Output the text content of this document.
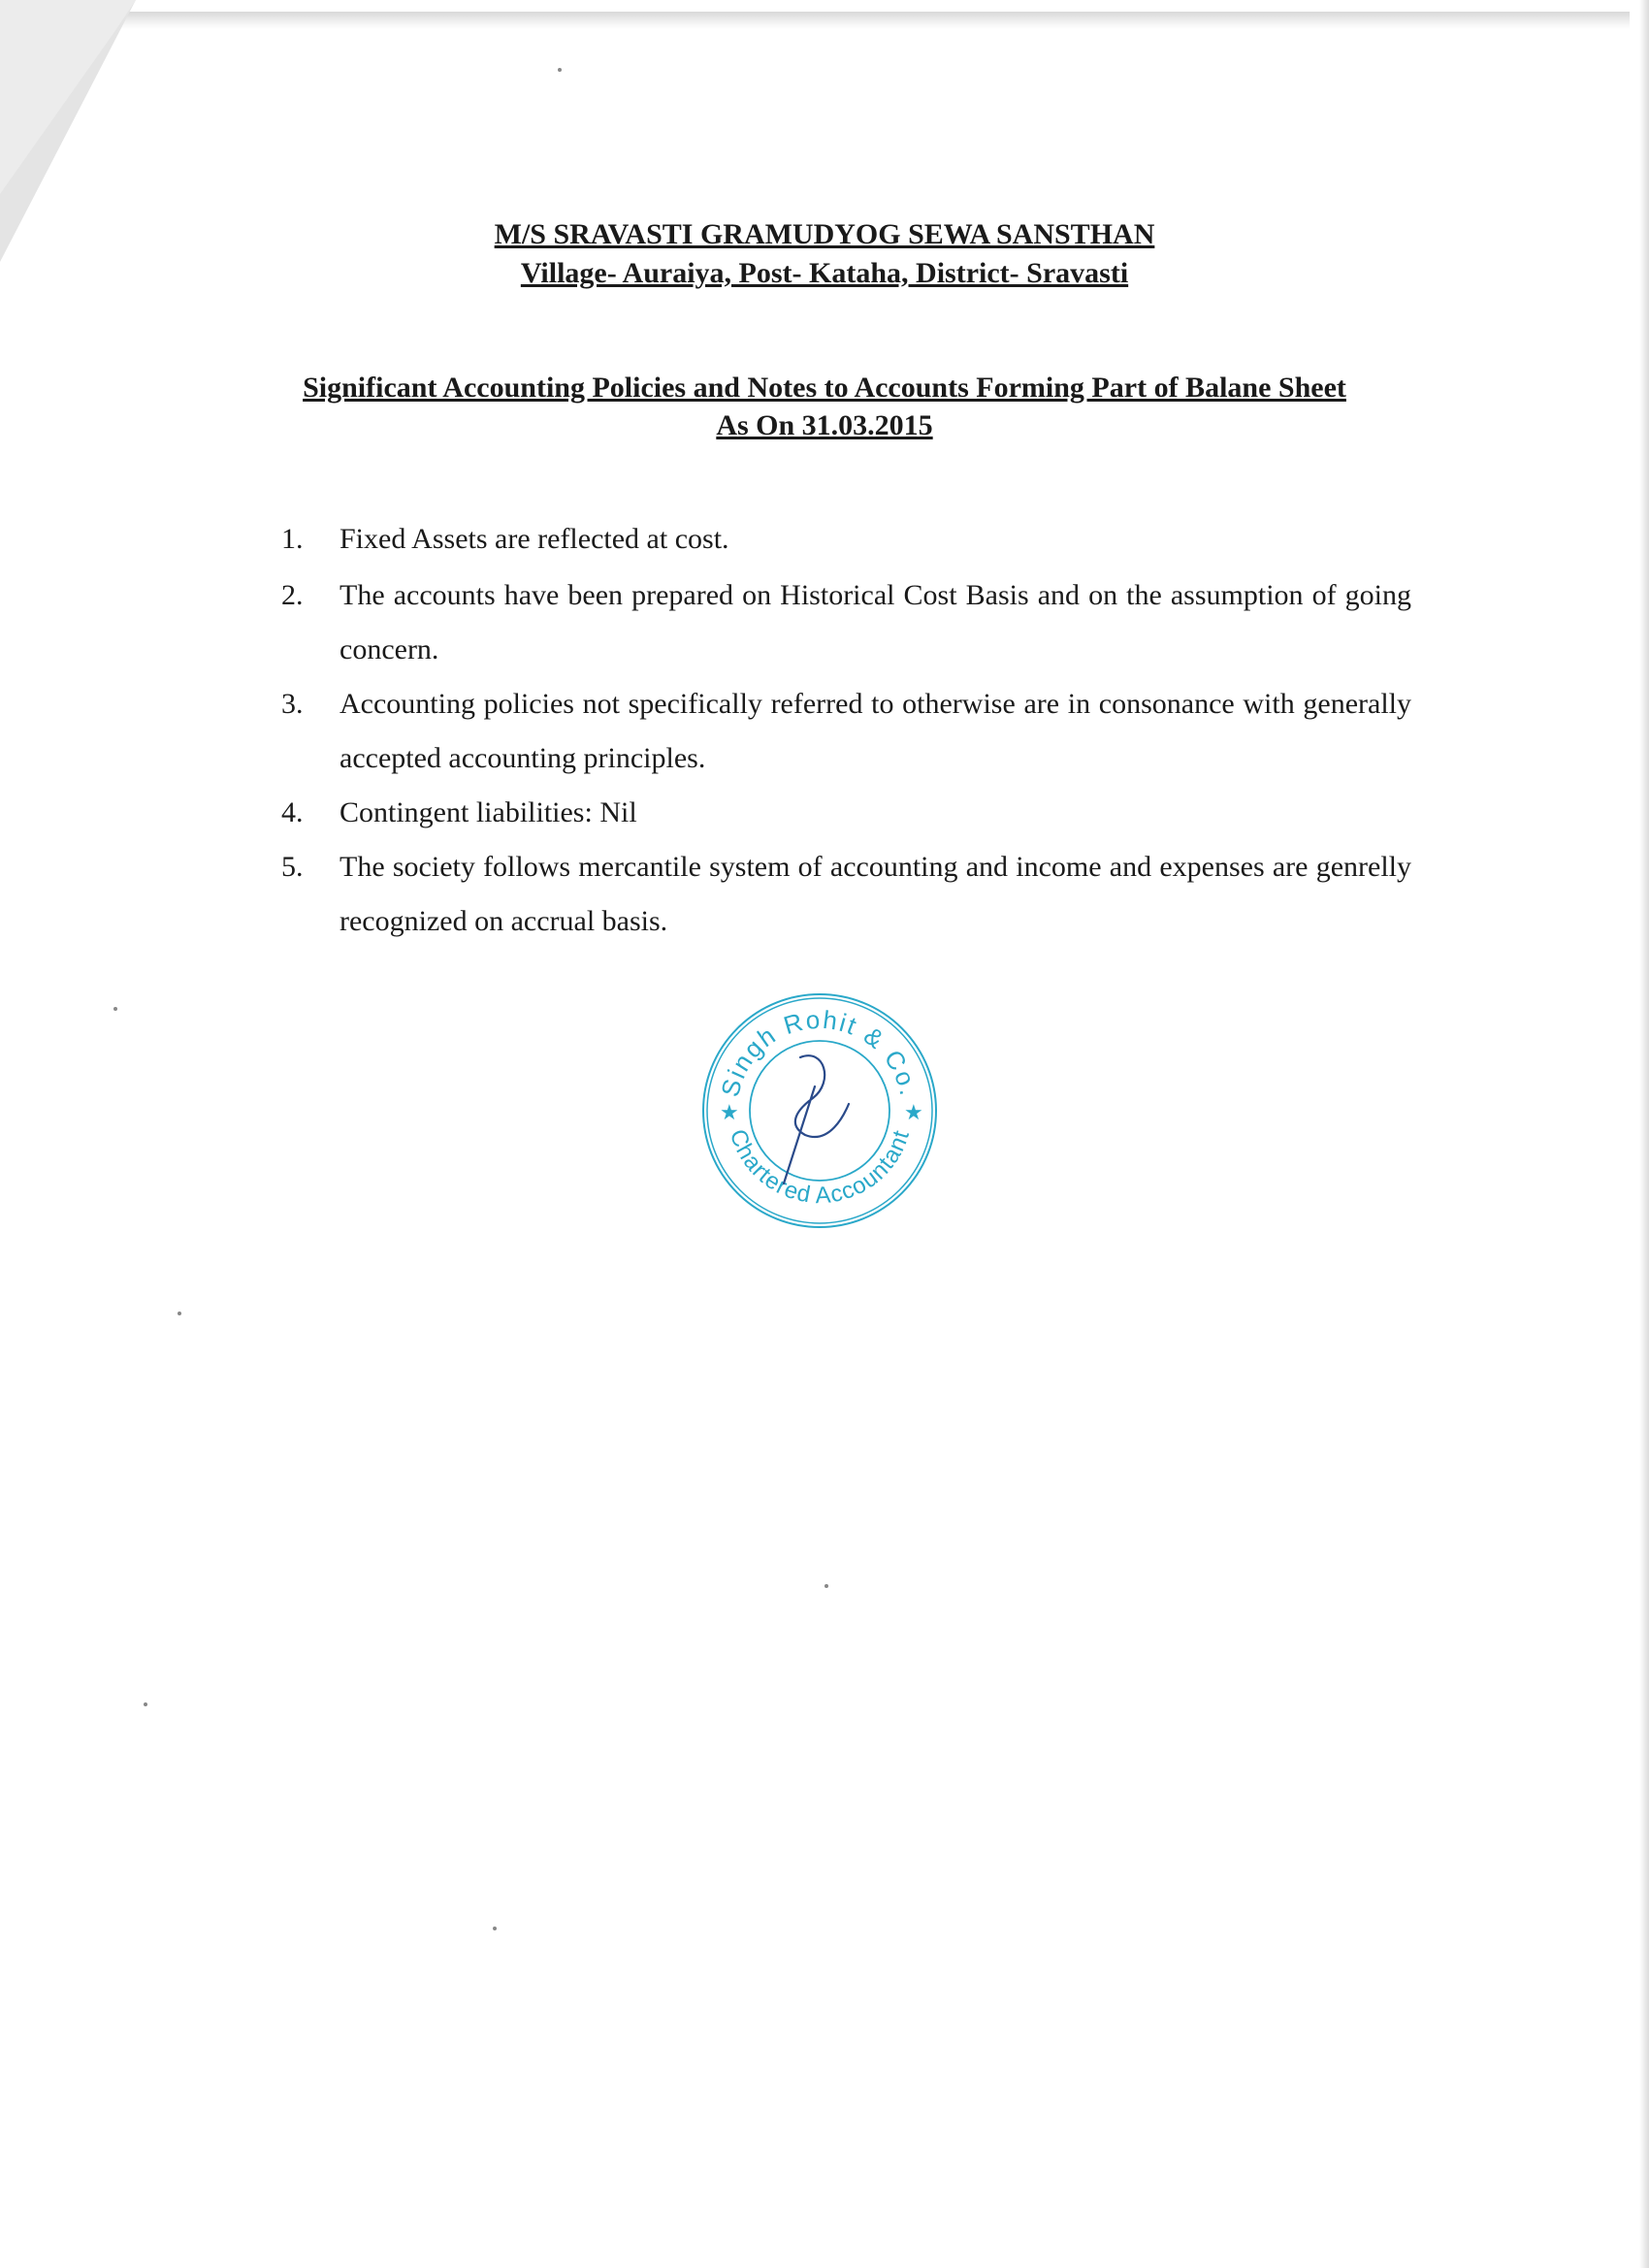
M/S SRAVASTI GRAMUDYOG SEWA SANSTHAN

Village- Auraiya, Post- Kataha, District- Sravasti

Significant Accounting Policies and Notes to Accounts Forming Part of Balane Sheet

As On 31.03.2015

1.	Fixed Assets are reflected at cost.
2.	The accounts have been prepared on Historical Cost Basis and on the assumption of going concern.
3.	Accounting policies not specifically referred to otherwise are in consonance with generally accepted accounting principles.
4.	Contingent liabilities: Nil
5.	The society follows mercantile system of accounting and income and expenses are genrelly recognized on accrual basis.
Singh Rohit & Co.
Chartered Accountant
★	★
